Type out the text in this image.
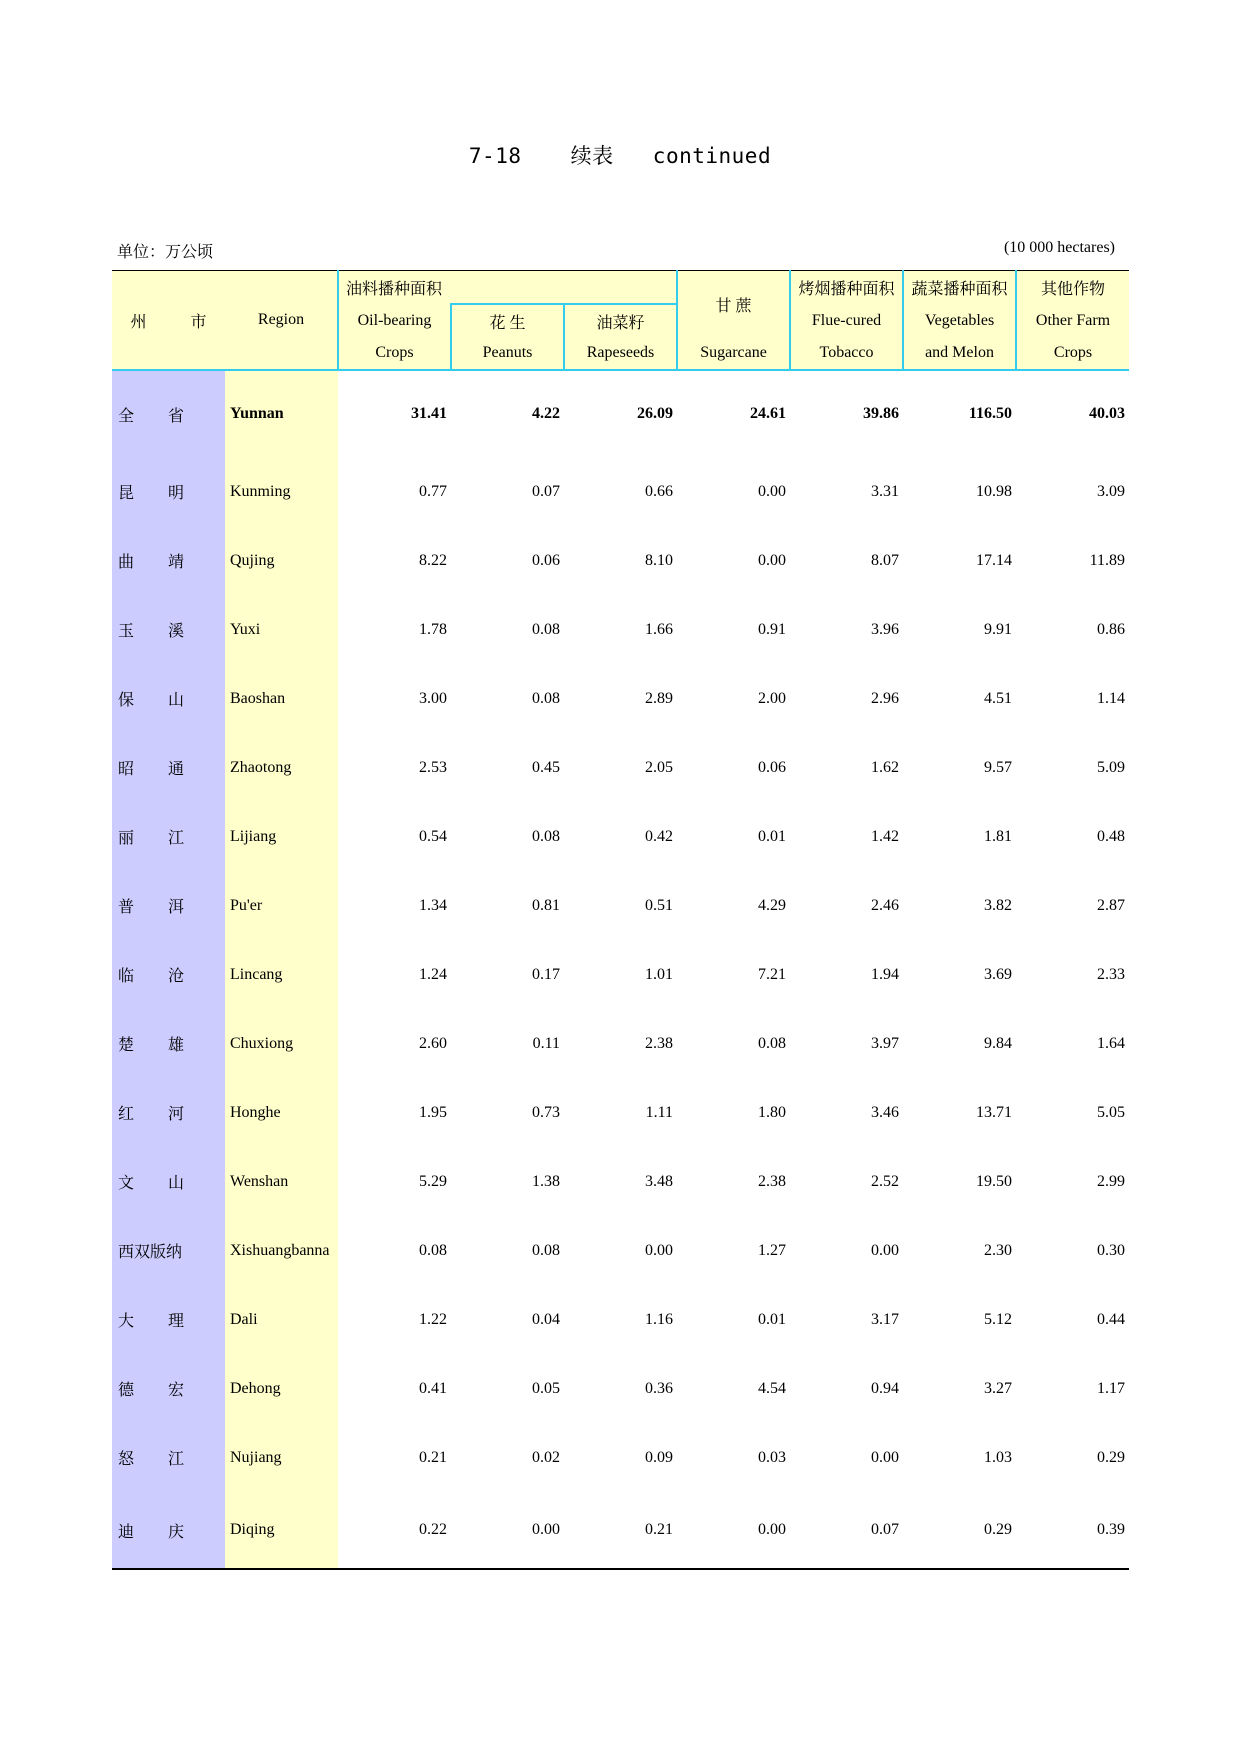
7-18 续表 continued
单位：万公顷	(10 000 hectares)
州 市	Region	油料播种面积			甘 蔗	烤烟播种面积	蔬菜播种面积	其他作物
		Oil-bearing	花 生	油菜籽		Flue-cured	Vegetables	Other Farm
		Crops	Peanuts	Rapeseeds	Sugarcane	Tobacco	and Melon	Crops
全 省	Yunnan	31.41	4.22	26.09	24.61	39.86	116.50	40.03
昆 明	Kunming	0.77	0.07	0.66	0.00	3.31	10.98	3.09
曲 靖	Qujing	8.22	0.06	8.10	0.00	8.07	17.14	11.89
玉 溪	Yuxi	1.78	0.08	1.66	0.91	3.96	9.91	0.86
保 山	Baoshan	3.00	0.08	2.89	2.00	2.96	4.51	1.14
昭 通	Zhaotong	2.53	0.45	2.05	0.06	1.62	9.57	5.09
丽 江	Lijiang	0.54	0.08	0.42	0.01	1.42	1.81	0.48
普 洱	Pu'er	1.34	0.81	0.51	4.29	2.46	3.82	2.87
临 沧	Lincang	1.24	0.17	1.01	7.21	1.94	3.69	2.33
楚 雄	Chuxiong	2.60	0.11	2.38	0.08	3.97	9.84	1.64
红 河	Honghe	1.95	0.73	1.11	1.80	3.46	13.71	5.05
文 山	Wenshan	5.29	1.38	3.48	2.38	2.52	19.50	2.99
西双版纳	Xishuangbanna	0.08	0.08	0.00	1.27	0.00	2.30	0.30
大 理	Dali	1.22	0.04	1.16	0.01	3.17	5.12	0.44
德 宏	Dehong	0.41	0.05	0.36	4.54	0.94	3.27	1.17
怒 江	Nujiang	0.21	0.02	0.09	0.03	0.00	1.03	0.29
迪 庆	Diqing	0.22	0.00	0.21	0.00	0.07	0.29	0.39
